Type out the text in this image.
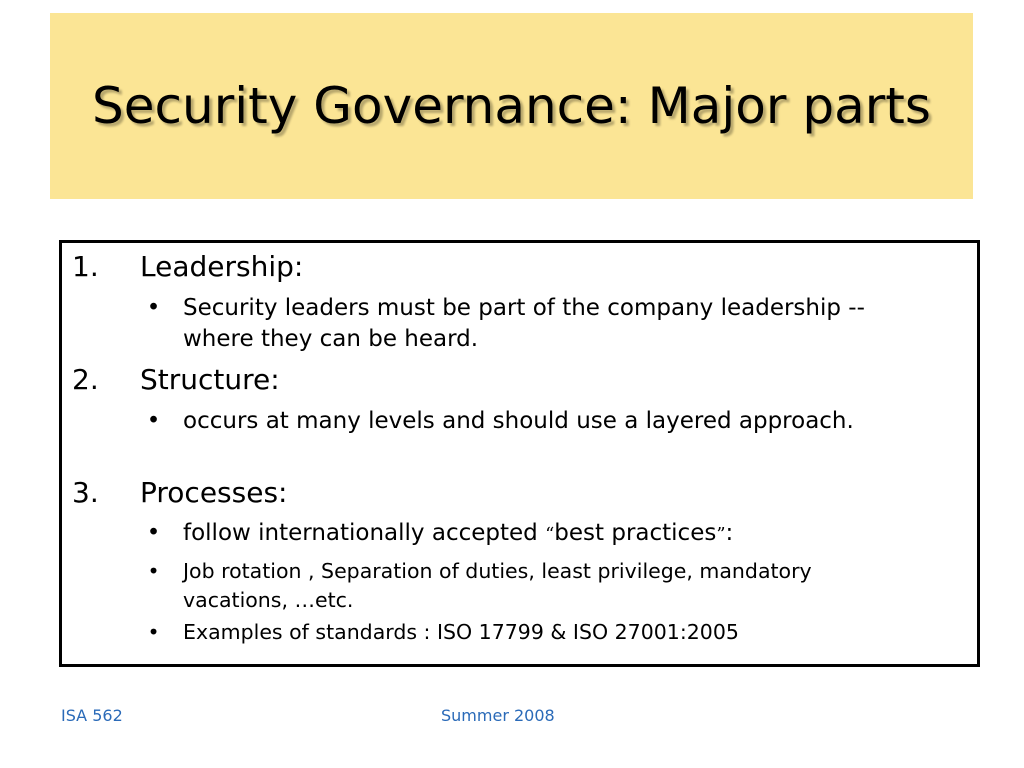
Security Governance: Major parts
1.	Leadership:
• Security leaders must be part of the company leadership -- where they can be heard.
2.	Structure:
• occurs at many levels and should use a layered approach.
3.	Processes:
• follow internationally accepted “best practices”:
•	Job rotation , Separation of duties, least privilege, mandatory vacations, …etc.
•	Examples of standards : ISO 17799 & ISO 27001:2005
ISA 562	Summer 2008
